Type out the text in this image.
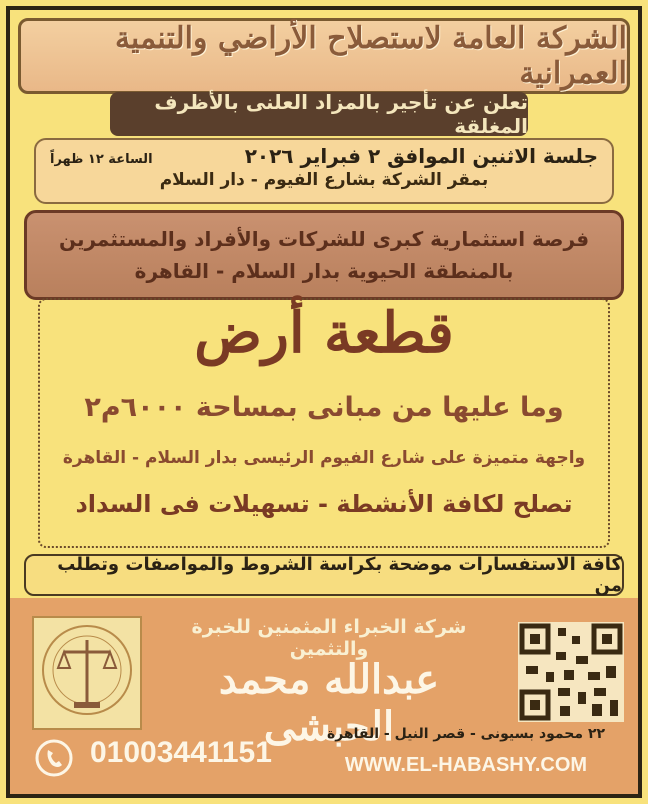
الشركة العامة لاستصلاح الأراضي والتنمية العمرانية
تعلن عن تأجير بالمزاد العلنى بالأظرف المغلقة
جلسة الاثنين الموافق ٢ فبراير ٢٠٢٦
الساعة ١٢ ظهراً
بمقر الشركة بشارع الفيوم - دار السلام
فرصة استثمارية كبرى للشركات والأفراد والمستثمرين
بالمنطقة الحيوية بدار السلام - القاهرة
قطعة أرض
وما عليها من مبانى بمساحة ٦٠٠٠م٢
واجهة متميزة على شارع الفيوم الرئيسى بدار السلام - القاهرة
تصلح لكافة الأنشطة - تسهيلات فى السداد
كافة الاستفسارات موضحة بكراسة الشروط والمواصفات وتطلب من
شركة الخبراء المثمنين للخبرة والتثمين
عبدالله محمد الحبشى
01003441151
٢٢ محمود بسيونى - قصر النيل - القاهرة
WWW.EL-HABASHY.COM
